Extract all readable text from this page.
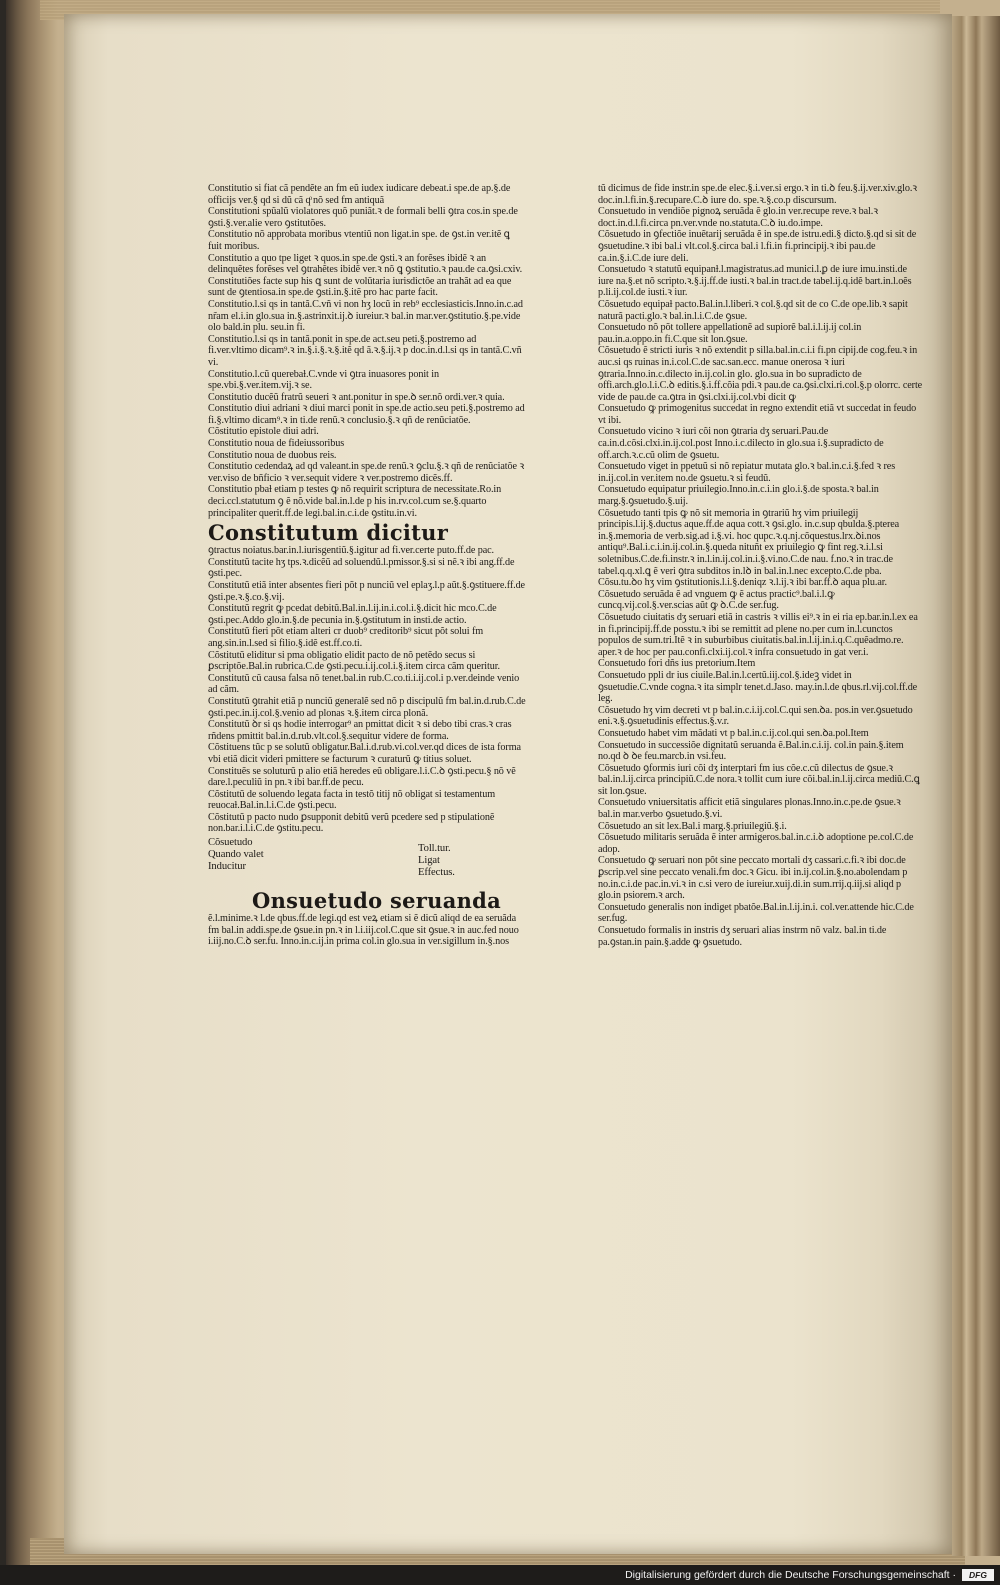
Constitutio si fiat cã pendẽte an fm eũ iudex iudicare debeat.i spe.de ap.§.de officijs ver.§ qd si dũ cã qͦ nõ sed fm antiquã

Constitutioni spũalũ violatores quõ puniãt.ꝛ de formali belli ꝯtra cos.in spe.de ꝯsti.§.ver.alie vero ꝯstitutões.

Constitutio nõ approbata moribus vtentiũ non ligat.in spe. de ꝯst.in ver.itẽ ꝗ fuit moribus.

Constitutio a quo tpe liget ꝛ quos.in spe.de ꝯsti.ꝛ an forẽses ibidẽ ꝛ an delinquẽtes forẽses vel ꝯtrahẽtes ibidẽ ver.ꝛ nõ ꝗ ꝯstitutio.ꝛ pau.de ca.ꝯsi.cxiv.

Constitutiões facte sup his ꝗ sunt de volũtaria iurisdictõe an trahãt ad ea que sunt de ꝯtentiosa.in spe.de ꝯsti.in.§.itẽ pro hac parte facit.

Constitutio.l.si qs in tantã.C.vñ vi non hʒ locũ in reb⁹ ecclesiasticis.Inno.in.c.ad nr̃am el.i.in glo.sua in.§.astrinxit.ij.ꝺ iureiur.ꝛ bal.in mar.ver.ꝯstitutio.§.pe.vide olo bald.in plu. seu.in fi.

Constitutio.l.si qs in tantã.ponit in spe.de act.seu peti.§.postremo ad fi.ver.vltimo dicam⁹.ꝛ in.§.i.§.ꝛ.§.itẽ qd ã.ꝛ.§.ij.ꝛ p doc.in.d.l.si qs in tantã.C.vñ vi.

Constitutio.l.cũ querebaƚ.C.vnde vi ꝯtra inuasores ponit in spe.vbi.§.ver.item.vij.ꝛ se.

Constitutio ducẽũ fratrũ seueri ꝛ ant.ponitur in spe.ꝺ ser.nõ ordi.ver.ꝛ quia.

Constitutio diui adriani ꝛ diui marci ponit in spe.de actio.seu peti.§.postremo ad fi.§.vltimo dicam⁹.ꝛ in ti.de renũ.ꝛ conclusio.§.ꝛ qñ de renũciatõe.

Cõstitutio epistole diui adri.

Constitutio noua de fideiussoribus

Constitutio noua de duobus reis.

Constitutio cedendaꝝ ad qd valeant.in spe.de renũ.ꝛ ꝯclu.§.ꝛ qñ de renũciatõe ꝛ ver.viso de bñficio ꝛ ver.sequit videre ꝛ ver.postremo dicẽs.ff.

Constitutio pbaƚ etiam p testes ꝙ nõ requirit scriptura de necessitate.Ro.in deci.ccl.statutum ꝯ ẽ nõ.vide bal.in.l.de p his in.rv.col.cum se.§.quarto principaliter querit.ff.de legi.bal.in.c.i.de ꝯstitu.in.vi.

Constitutum dicitur

ꝯtractus noiatus.bar.in.l.iurisgentiũ.§.igitur ad fi.ver.certe puto.ff.de pac.

Constitutũ tacite hʒ tps.ꝛ.dicẽũ ad soluendũ.l.pmissor.§.si si nẽ.ꝛ ibi ang.ff.de ꝯsti.pec.

Constitutũ etiã inter absentes fieri põt p nunciũ vel eplaʒ.l.p aũt.§.ꝯstituere.ff.de ꝯsti.pe.ꝛ.§.co.§.vij.

Constitutũ regrit ꝙ pcedat debitũ.Bal.in.l.ij.in.i.col.i.§.dicit hic mco.C.de ꝯsti.pec.Addo glo.in.§.de pecunia in.§.ꝯstitutum in insti.de actio.

Constitutũ fieri põt etiam alteri cr duob⁹ creditorib⁹ sicut põt solui fm ang.sin.in.l.sed si filio.§.idẽ est.ff.co.ti.

Cõstitutũ eliditur si pma obligatio elidit pacto de nõ petẽdo secus si ꝑscriptõe.Bal.in rubrica.C.de ꝯsti.pecu.i.ij.col.i.§.item circa cãm queritur.

Constitutũ cũ causa falsa nõ tenet.bal.in rub.C.co.ti.i.ij.col.i p.ver.deinde venio ad cãm.

Constitutũ ꝯtrahit etiã p nunciũ generalẽ sed nõ p discipulũ fm bal.in.d.rub.C.de ꝯsti.pec.in.ij.col.§.venio ad plonas ꝛ.§.item circa plonã.

Constitutũ ꝺr si qs hodie interrogar⁹ an pmittat dicit ꝛ si debo tibi cras.ꝛ cras rñdens pmittit bal.in.d.rub.vlt.col.§.sequitur videre de forma.

Cõstituens tũc p se solutũ obligatur.Bal.i.d.rub.vi.col.ver.qd dices de ista forma vbi etiã dicit videri pmittere se facturum ꝛ curaturũ ꝙ titius soluet.

Constituẽs se soluturũ p alio etiã heredes eũ obligare.l.i.C.ꝺ ꝯsti.pecu.§ nõ vẽ dare.l.peculiũ in pn.ꝛ ibi bar.ff.de pecu.

Cõstitutũ de soluendo legata facta in testõ titij nõ obligat si testamentum reuocaƚ.Bal.in.l.i.C.de ꝯsti.pecu.

Cõstitutũ p pacto nudo ꝑsupponit debitũ verũ pcedere sed p stipulationẽ non.bar.i.l.i.C.de ꝯstitu.pecu.

Cõsuetudo
Quando valet
Inducitur
Toll.tur.
Ligat
Effectus.
Onsuetudo seruanda

ẽ.l.minime.ꝛ l.de qbus.ff.de legi.qd est veꝝ etiam si ẽ dicũ aliqd de ea seruãda fm bal.in addi.spe.de ꝯsue.in pn.ꝛ in l.i.iij.col.C.que sit ꝯsue.ꝛ in auc.fed nouo i.iij.no.C.ꝺ ser.fu. Inno.in.c.ij.in prima col.in glo.sua in ver.sigillum in.§.nos

tũ dicimus de fide instr.in spe.de elec.§.i.ver.si ergo.ꝛ in ti.ꝺ feu.§.ij.ver.xiv.glo.ꝛ doc.in.l.fi.in.§.recupare.C.ꝺ iure do. spe.ꝛ.§.co.p discursum.

Consuetudo in vendiõe pignoꝝ seruãda ẽ glo.in ver.recupe reve.ꝛ bal.ꝛ doct.in.d.l.fi.circa pn.ver.vnde no.statuta.C.ꝺ iu.do.impe.

Cõsuetudo in ꝯfectiõe inuẽtarij seruãda ẽ in spe.de istru.edi.§ dicto.§.qd si sit de ꝯsuetudine.ꝛ ibi bal.i vlt.col.§.circa bal.i l.fi.in fi.principij.ꝛ ibi pau.de ca.in.§.i.C.de iure deli.

Consuetudo ꝛ statutũ equipanƚ.l.magistratus.ad munici.l.ꝑ de iure imu.insti.de iure na.§.et nõ scripto.ꝛ.§.ij.ff.de iusti.ꝛ bal.in tract.de tabel.ij.q.idẽ bart.in.l.oẽs p.li.ij.col.de iusti.ꝛ iur.

Cõsuetudo equipaƚ pacto.Bal.in.l.liberi.ꝛ col.§.qd sit de co C.de ope.lib.ꝛ sapit naturã pacti.glo.ꝛ bal.in.l.i.C.de ꝯsue.

Consuetudo nõ põt tollere appellationẽ ad supiorẽ bal.i.l.ij.ij col.in pau.in.a.oppo.in fi.C.que sit lon.ꝯsue.

Cõsuetudo ẽ stricti iuris ꝛ nõ extendit p silla.bal.in.c.i.i fi.pn cipij.de cog.feu.ꝛ in auc.si qs ruinas in.i.col.C.de sac.san.ecc. manue onerosa ꝛ iuri ꝯtraria.Inno.in.c.dilecto in.ij.col.in glo. glo.sua in bo supradicto de offi.arch.glo.l.i.C.ꝺ editis.§.i.ff.cõia pdi.ꝛ pau.de ca.ꝯsi.clxi.ri.col.§.p olorrc. certe vide de pau.de ca.ꝯtra in ꝯsi.clxi.ij.col.vbi dicit ꝙ

Consuetudo ꝙ primogenitus succedat in regno extendit etiã vt succedat in feudo vt ibi.

Consuetudo vicino ꝛ iuri cõi non ꝯtraria dʒ seruari.Pau.de ca.in.d.cõsi.clxi.in.ij.col.post Inno.i.c.dilecto in glo.sua i.§.supradicto de off.arch.ꝛ.c.cũ olim de ꝯsuetu.

Consuetudo viget in ppetuũ si nõ repiatur mutata glo.ꝛ bal.in.c.i.§.fed ꝛ res in.ij.col.in ver.item no.de ꝯsuetu.ꝛ si feudũ.

Consuetudo equipatur priuilegio.Inno.in.c.i.in glo.i.§.de sposta.ꝛ bal.in marg.§.ꝯsuetudo.§.uij.

Cõsuetudo tanti tpis ꝙ nõ sit memoria in ꝯtrariũ hʒ vim priuilegij principis.l.ij.§.ductus aque.ff.de aqua cott.ꝛ ꝯsi.glo. in.c.sup qbulda.§.pterea in.§.memoria de verb.sig.ad i.§.vi. hoc qupc.ꝛ.q.nj.cõquestus.lrx.ꝺi.nos antiqu⁹.Bal.i.c.i.in.ij.col.in.§.queda nituñt ex priuilegio ꝙ fint reg.ꝛ.i.l.si soletnibus.C.de.fi.instr.ꝛ in.l.in.ij.col.in.i.§.vi.no.C.de nau. f.no.ꝛ in trac.de tabel.q.q.xl.ꝗ ẽ veri ꝯtra subditos in.lꝺ in bal.in.l.nec excepto.C.de pba.

Cõsu.tu.ꝺo hʒ vim ꝯstitutionis.l.i.§.deniqz ꝛ.l.ij.ꝛ ibi bar.ff.ꝺ aqua plu.ar.

Cõsuetudo seruãda ẽ ad vnguem ꝙ ẽ actus practic⁹.bal.i.l.ꝙ cuncq.vij.col.§.ver.scias aũt ꝙ ꝺ.C.de ser.fug.

Cõsuetudo ciuitatis dʒ seruari etiã in castris ꝛ villis ei⁹.ꝛ in ei ria ep.bar.in.l.ex ea in fi.principij.ff.de posstu.ꝛ ibi se remittit ad plene no.per cum in.l.cunctos populos de sum.tri.Itẽ ꝛ in suburbibus ciuitatis.bal.in.l.ij.in.i.q.C.quẽadmo.re. aper.ꝛ de hoc per pau.confi.clxi.ij.col.ꝛ infra consuetudo in gat ver.i.

Consuetudo fori dñs ius pretorium.Item

Consuetudo ppli dr ius ciuile.Bal.in.l.certũ.iij.col.§.ideꝫ videt in ꝯsuetudie.C.vnde cogna.ꝛ ita simplr tenet.d.Jaso. may.in.l.de qbus.rl.vij.col.ff.de leg.

Cõsuetudo hʒ vim decreti vt p bal.in.c.i.ij.col.C.qui sen.ꝺa. pos.in ver.ꝯsuetudo eni.ꝛ.§.ꝯsuetudinis effectus.§.v.r.

Consuetudo habet vim mãdati vt p bal.in.c.ij.col.qui sen.ꝺa.pol.Item

Consuetudo in successiõe dignitatũ seruanda ẽ.Bal.in.c.i.ij. col.in pain.§.item no.qd ꝺ ꝺe feu.marcb.in vsi.feu.

Cõsuetudo ꝯformis iuri cõi dʒ interptari fm ius cõe.c.cũ dilectus de ꝯsue.ꝛ bal.in.l.ij.circa principiũ.C.de nora.ꝛ tollit cum iure cõi.bal.in.l.ij.circa mediũ.C.ꝗ sit lon.ꝯsue.

Consuetudo vniuersitatis afficit etiã singulares plonas.Inno.in.c.pe.de ꝯsue.ꝛ bal.in mar.verbo ꝯsuetudo.§.vi.

Cõsuetudo an sit lex.Bal.i marg.§.priuilegiũ.§.i.

Cõsuetudo militaris seruãda ẽ inter armigeros.bal.in.c.i.ꝺ adoptione pe.col.C.de adop.

Consuetudo ꝙ seruari non põt sine peccato mortali dʒ cassari.c.fi.ꝛ ibi doc.de ꝑscrip.vel sine peccato venali.fm doc.ꝛ Gicu. ibi in.ij.col.in.§.no.abolendam p no.in.c.i.de pac.in.vi.ꝛ in c.si vero de iureiur.xuij.di.in sum.rrij.q.iij.si aliqd p glo.in psiorem.ꝛ arch.

Consuetudo generalis non indiget pbatõe.Bal.in.l.ij.in.i. col.ver.attende hic.C.de ser.fug.

Consuetudo formalis in instris dʒ seruari alias instrm nõ valz. bal.in ti.de pa.ꝯstan.in pain.§.adde ꝙ ꝯsuetudo.

Digitalisierung gefördert durch die Deutsche Forschungsgemeinschaft ·	DFG
